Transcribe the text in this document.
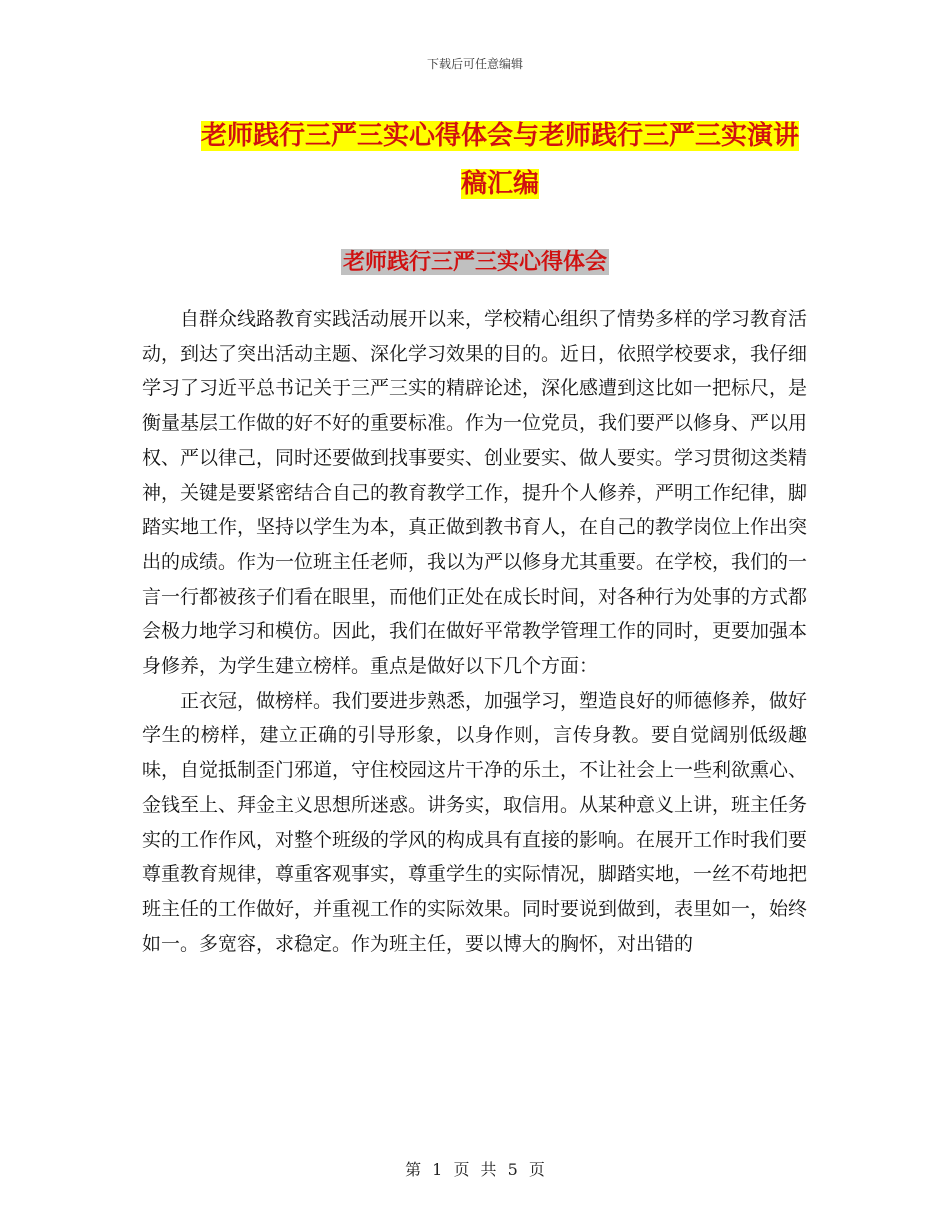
下载后可任意编辑
老师践行三严三实心得体会与老师践行三严三实演讲稿汇编
老师践行三严三实心得体会

自群众线路教育实践活动展开以来，学校精心组织了情势多样的学习教育活动，到达了突出活动主题、深化学习效果的目的。近日，依照学校要求，我仔细学习了习近平总书记关于三严三实的精辟论述，深化感遭到这比如一把标尺，是衡量基层工作做的好不好的重要标准。作为一位党员，我们要严以修身、严以用权、严以律己，同时还要做到找事要实、创业要实、做人要实。学习贯彻这类精神，关键是要紧密结合自己的教育教学工作，提升个人修养，严明工作纪律，脚踏实地工作，坚持以学生为本，真正做到教书育人，在自己的教学岗位上作出突出的成绩。作为一位班主任老师，我以为严以修身尤其重要。在学校，我们的一言一行都被孩子们看在眼里，而他们正处在成长时间，对各种行为处事的方式都会极力地学习和模仿。因此，我们在做好平常教学管理工作的同时，更要加强本身修养，为学生建立榜样。重点是做好以下几个方面：

正衣冠，做榜样。我们要进步熟悉，加强学习，塑造良好的师德修养，做好学生的榜样，建立正确的引导形象，以身作则，言传身教。要自觉阔别低级趣味，自觉抵制歪门邪道，守住校园这片干净的乐土，不让社会上一些利欲熏心、金钱至上、拜金主义思想所迷惑。讲务实，取信用。从某种意义上讲，班主任务实的工作作风，对整个班级的学风的构成具有直接的影响。在展开工作时我们要尊重教育规律，尊重客观事实，尊重学生的实际情况，脚踏实地，一丝不苟地把班主任的工作做好，并重视工作的实际效果。同时要说到做到，表里如一，始终如一。多宽容，求稳定。作为班主任，要以博大的胸怀，对出错的

第 1 页 共 5 页
